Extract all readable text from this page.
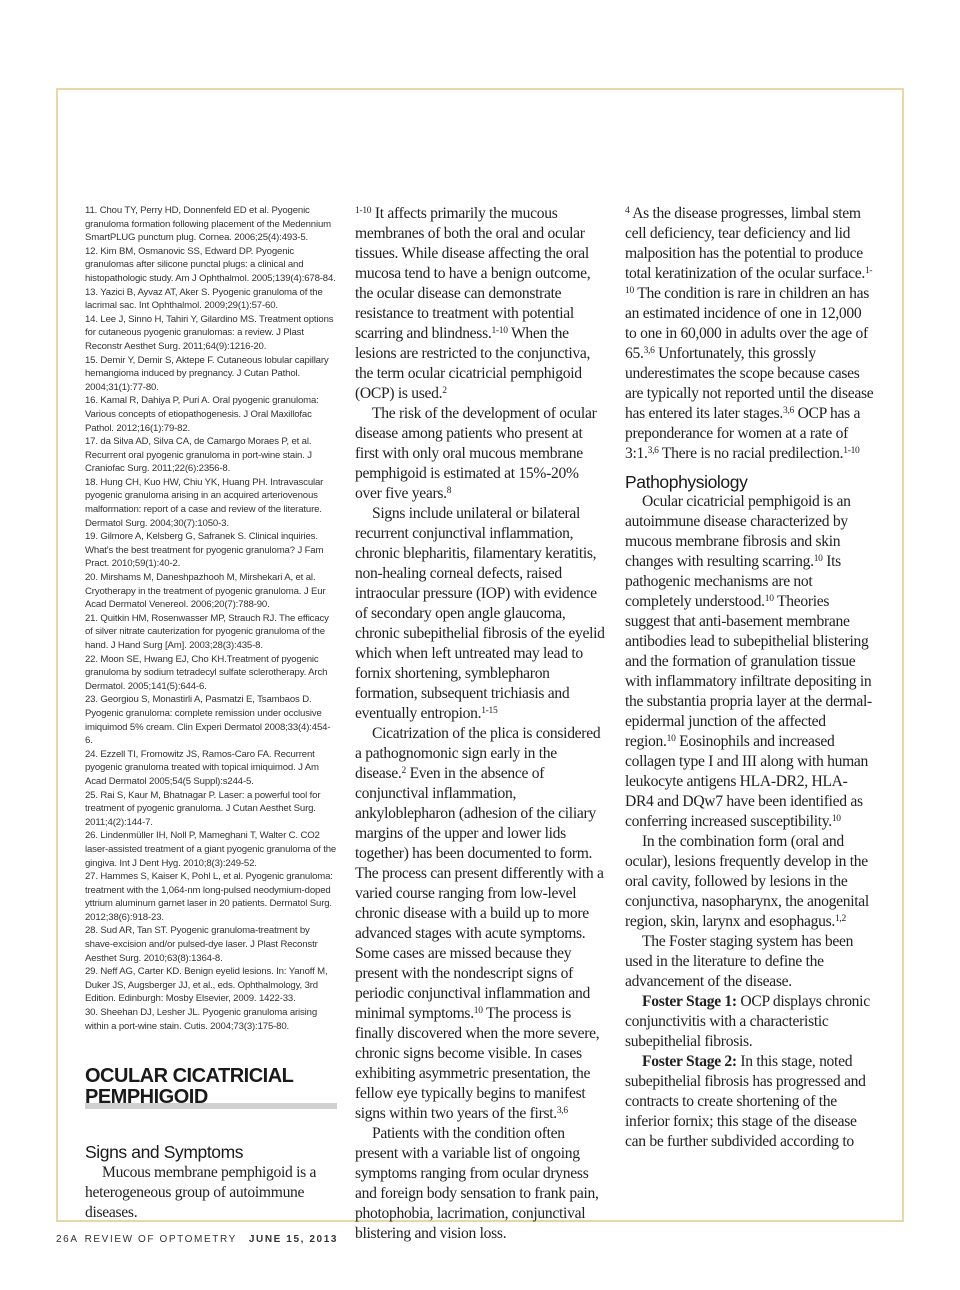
11. Chou TY, Perry HD, Donnenfeld ED et al. Pyogenic granuloma formation following placement of the Medennium SmartPLUG punctum plug. Cornea. 2006;25(4):493-5.

12. Kim BM, Osmanovic SS, Edward DP. Pyogenic granulomas after silicone punctal plugs: a clinical and histopathologic study. Am J Ophthalmol. 2005;139(4):678-84.

13. Yazici B, Ayvaz AT, Aker S. Pyogenic granuloma of the lacrimal sac. Int Ophthalmol. 2009;29(1):57-60.

14. Lee J, Sinno H, Tahiri Y, Gilardino MS. Treatment options for cutaneous pyogenic granulomas: a review. J Plast Reconstr Aesthet Surg. 2011;64(9):1216-20.

15. Demir Y, Demir S, Aktepe F. Cutaneous lobular capillary hemangioma induced by pregnancy. J Cutan Pathol. 2004;31(1):77-80.

16. Kamal R, Dahiya P, Puri A. Oral pyogenic granuloma: Various concepts of etiopathogenesis. J Oral Maxillofac Pathol. 2012;16(1):79-82.

17. da Silva AD, Silva CA, de Camargo Moraes P, et al. Recurrent oral pyogenic granuloma in port-wine stain. J Craniofac Surg. 2011;22(6):2356-8.

18. Hung CH, Kuo HW, Chiu YK, Huang PH. Intravascular pyogenic granuloma arising in an acquired arteriovenous malformation: report of a case and review of the literature. Dermatol Surg. 2004;30(7):1050-3.

19. Gilmore A, Kelsberg G, Safranek S. Clinical inquiries. What's the best treatment for pyogenic granuloma? J Fam Pract. 2010;59(1):40-2.

20. Mirshams M, Daneshpazhooh M, Mirshekari A, et al. Cryotherapy in the treatment of pyogenic granuloma. J Eur Acad Dermatol Venereol. 2006;20(7):788-90.

21. Quitkin HM, Rosenwasser MP, Strauch RJ. The efficacy of silver nitrate cauterization for pyogenic granuloma of the hand. J Hand Surg [Am]. 2003;28(3):435-8.

22. Moon SE, Hwang EJ, Cho KH.Treatment of pyogenic granuloma by sodium tetradecyl sulfate sclerotherapy. Arch Dermatol. 2005;141(5):644-6.

23. Georgiou S, Monastirli A, Pasmatzi E, Tsambaos D. Pyogenic granuloma: complete remission under occlusive imiquimod 5% cream. Clin Experi Dermatol 2008;33(4):454-6.

24. Ezzell TI, Fromowitz JS, Ramos-Caro FA. Recurrent pyogenic granuloma treated with topical imiquimod. J Am Acad Dermatol 2005;54(5 Suppl):s244-5.

25. Rai S, Kaur M, Bhatnagar P. Laser: a powerful tool for treatment of pyogenic granuloma. J Cutan Aesthet Surg. 2011;4(2):144-7.

26. Lindenmüller IH, Noll P, Mameghani T, Walter C. CO2 laser-assisted treatment of a giant pyogenic granuloma of the gingiva. Int J Dent Hyg. 2010;8(3):249-52.

27. Hammes S, Kaiser K, Pohl L, et al. Pyogenic granuloma: treatment with the 1,064-nm long-pulsed neodymium-doped yttrium aluminum garnet laser in 20 patients. Dermatol Surg. 2012;38(6):918-23.

28. Sud AR, Tan ST. Pyogenic granuloma-treatment by shave-excision and/or pulsed-dye laser. J Plast Reconstr Aesthet Surg. 2010;63(8):1364-8.

29. Neff AG, Carter KD. Benign eyelid lesions. In: Yanoff M, Duker JS, Augsberger JJ, et al., eds. Ophthalmology, 3rd Edition. Edinburgh: Mosby Elsevier, 2009. 1422-33.

30. Sheehan DJ, Lesher JL. Pyogenic granuloma arising within a port-wine stain. Cutis. 2004;73(3):175-80.

OCULAR CICATRICIAL

PEMPHIGOID

Signs and Symptoms

Mucous membrane pemphigoid is a heterogeneous group of autoimmune diseases.

$^{1-10}$ It affects primarily the mucous membranes of both the oral and ocular tissues. While disease affecting the oral mucosa tend to have a benign outcome, the ocular disease can demonstrate resistance to treatment with potential scarring and blindness.$^{1-10}$ When the lesions are restricted to the conjunctiva, the term ocular cicatricial pemphigoid (OCP) is used.$^2$

The risk of the development of ocular disease among patients who present at first with only oral mucous membrane pemphigoid is estimated at 15%-20% over five years.$^8$

Signs include unilateral or bilateral recurrent conjunctival inflammation, chronic blepharitis, filamentary keratitis, non-healing corneal defects, raised intraocular pressure (IOP) with evidence of secondary open angle glaucoma, chronic subepithelial fibrosis of the eyelid which when left untreated may lead to fornix shortening, symblepharon formation, subsequent trichiasis and eventually entropion.$^{1-15}$

Cicatrization of the plica is considered a pathognomonic sign early in the disease.$^2$ Even in the absence of conjunctival inflammation, ankyloblepharon (adhesion of the ciliary margins of the upper and lower lids together) has been documented to form. The process can present differently with a varied course ranging from low-level chronic disease with a build up to more advanced stages with acute symptoms. Some cases are missed because they present with the nondescript signs of periodic conjunctival inflammation and minimal symptoms.$^{10}$ The process is finally discovered when the more severe, chronic signs become visible. In cases exhibiting asymmetric presentation, the fellow eye typically begins to manifest signs within two years of the first.$^{3,6}$

Patients with the condition often present with a variable list of ongoing symptoms ranging from ocular dryness and foreign body sensation to frank pain, photophobia, lacrimation, conjunctival blistering and vision loss.

$^4$ As the disease progresses, limbal stem cell deficiency, tear deficiency and lid malposition has the potential to produce total keratinization of the ocular surface.$^{1-10}$ The condition is rare in children an has an estimated incidence of one in 12,000 to one in 60,000 in adults over the age of 65.$^{3,6}$ Unfortunately, this grossly underestimates the scope because cases are typically not reported until the disease has entered its later stages.$^{3,6}$ OCP has a preponderance for women at a rate of 3:1.$^{3,6}$ There is no racial predilection.$^{1-10}$

Pathophysiology

Ocular cicatricial pemphigoid is an autoimmune disease characterized by mucous membrane fibrosis and skin changes with resulting scarring.$^{10}$ Its pathogenic mechanisms are not completely understood.$^{10}$ Theories suggest that anti-basement membrane antibodies lead to subepithelial blistering and the formation of granulation tissue with inflammatory infiltrate depositing in the substantia propria layer at the dermal-epidermal junction of the affected region.$^{10}$ Eosinophils and increased collagen type I and III along with human leukocyte antigens HLA-DR2, HLA-DR4 and DQw7 have been identified as conferring increased susceptibility.$^{10}$

In the combination form (oral and ocular), lesions frequently develop in the oral cavity, followed by lesions in the conjunctiva, nasopharynx, the anogenital region, skin, larynx and esophagus.$^{1,2}$

The Foster staging system has been used in the literature to define the advancement of the disease.

Foster Stage 1: OCP displays chronic conjunctivitis with a characteristic subepithelial fibrosis.

Foster Stage 2: In this stage, noted subepithelial fibrosis has progressed and contracts to create shortening of the inferior fornix; this stage of the disease can be further subdivided according to

26A REVIEW OF OPTOMETRY JUNE 15, 2013
